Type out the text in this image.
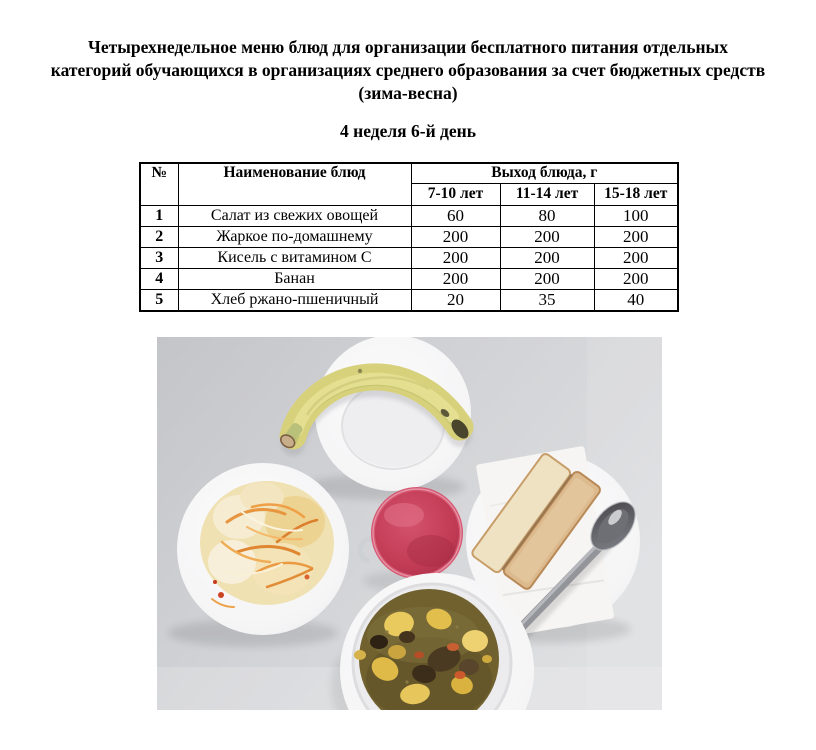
Четырехнедельное меню блюд для организации бесплатного питания отдельных
категорий обучающихся в организациях среднего образования за счет бюджетных средств
(зима-весна)
4 неделя 6-й день
№	Наименование блюд	Выход блюда, г		
		7-10 лет	11-14 лет	15-18 лет
1	Салат из свежих овощей	60	80	100
2	Жаркое по-домашнему	200	200	200
3	Кисель с витамином С	200	200	200
4	Банан	200	200	200
5	Хлеб ржано-пшеничный	20	35	40
